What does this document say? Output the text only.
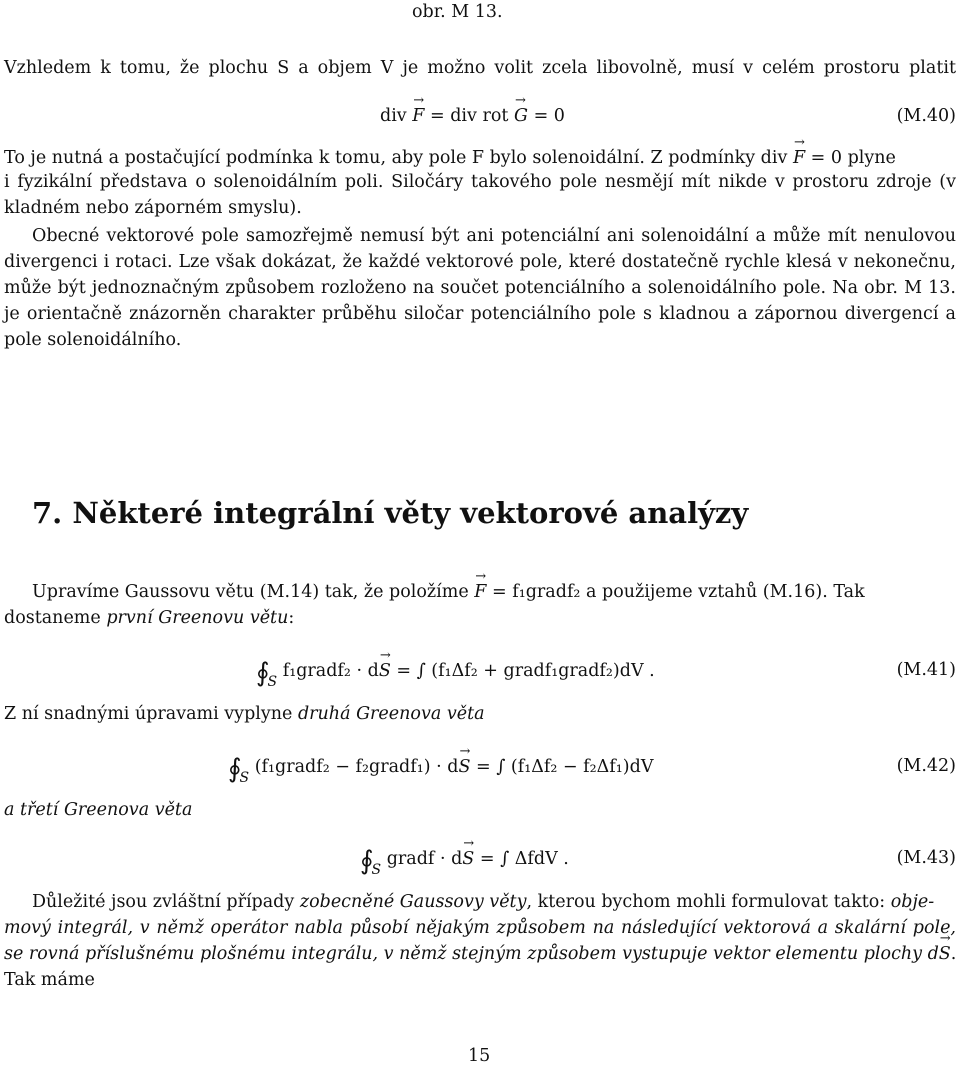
obr. M 13.
Vzhledem k tomu, že plochu S a objem V je možno volit zcela libovolně, musí v celém prostoru platit
div → F = div rot → G = 0	(M.40)
To je nutná a postačující podmínka k tomu, aby pole F bylo solenoidální. Z podmínky div → F = 0 plyne
i fyzikální představa o solenoidálním poli. Siločáry takového pole nesmějí mít nikde v prostoru zdroje (v
kladném nebo záporném smyslu).
Obecné vektorové pole samozřejmě nemusí být ani potenciální ani solenoidální a může mít nenulovou
divergenci i rotaci. Lze však dokázat, že každé vektorové pole, které dostatečně rychle klesá v nekonečnu,
může být jednoznačným způsobem rozloženo na součet potenciálního a solenoidálního pole. Na obr. M 13.
je orientačně znázorněn charakter průběhu siločar potenciálního pole s kladnou a zápornou divergencí a
pole solenoidálního.
7. Některé integrální věty vektorové analýzy
Upravíme Gaussovu větu (M.14) tak, že položíme → F = f₁gradf₂ a použijeme vztahů (M.16). Tak
dostaneme první Greenovu větu:
$∮_S$ f₁gradf₂ · d→ S = ∫ (f₁Δf₂ + gradf₁gradf₂)dV .	(M.41)
Z ní snadnými úpravami vyplyne druhá Greenova věta
$∮_S$ (f₁gradf₂ − f₂gradf₁) · d→ S = ∫ (f₁Δf₂ − f₂Δf₁)dV	(M.42)
a třetí Greenova věta
$∮_S$ gradf · d→ S = ∫ ΔfdV .	(M.43)
Důležité jsou zvláštní případy zobecněné Gaussovy věty, kterou bychom mohli formulovat takto: obje-
mový integrál, v němž operátor nabla působí nějakým způsobem na následující vektorová a skalární pole,
se rovná příslušnému plošnému integrálu, v němž stejným způsobem vystupuje vektor elementu plochy d→ S.
Tak máme
15
